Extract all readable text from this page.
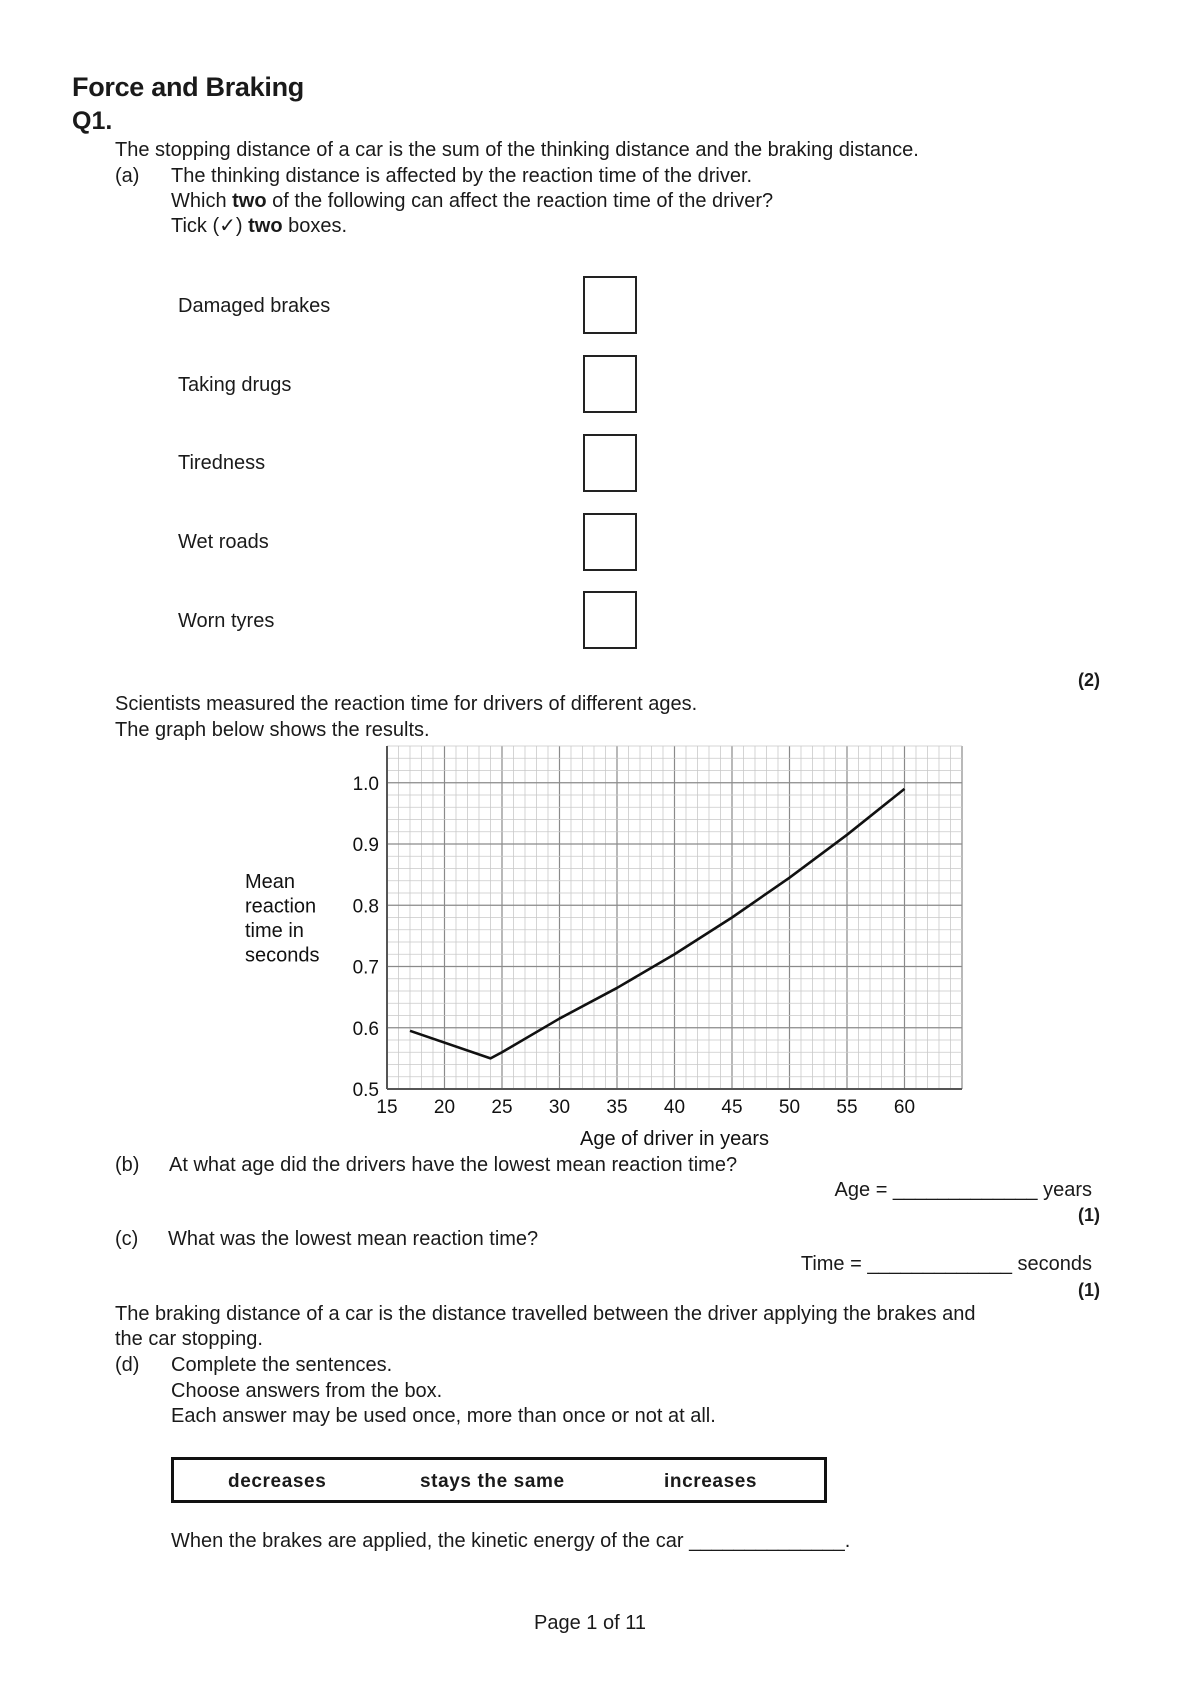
Force and Braking
Q1.
The stopping distance of a car is the sum of the thinking distance and the braking distance.
(a) The thinking distance is affected by the reaction time of the driver.
Which two of the following can affect the reaction time of the driver?
Tick (✓) two boxes.
Damaged brakes
Taking drugs
Tiredness
Wet roads
Worn tyres
(2)
Scientists measured the reaction time for drivers of different ages.
The graph below shows the results.
15 20 25 30 35 40 45 50 55 60
0.5
0.6
0.7
0.8
0.9
1.0
Age of driver in years
Mean
reaction
time in
seconds
(b) At what age did the drivers have the lowest mean reaction time?
Age = _____________ years
(1)
(c) What was the lowest mean reaction time?
Time = _____________ seconds
(1)
The braking distance of a car is the distance travelled between the driver applying the brakes and
the car stopping.
(d) Complete the sentences.
Choose answers from the box.
Each answer may be used once, more than once or not at all.
decreases	stays the same	increases
When the brakes are applied, the kinetic energy of the car ______________.
Page 1 of 11
